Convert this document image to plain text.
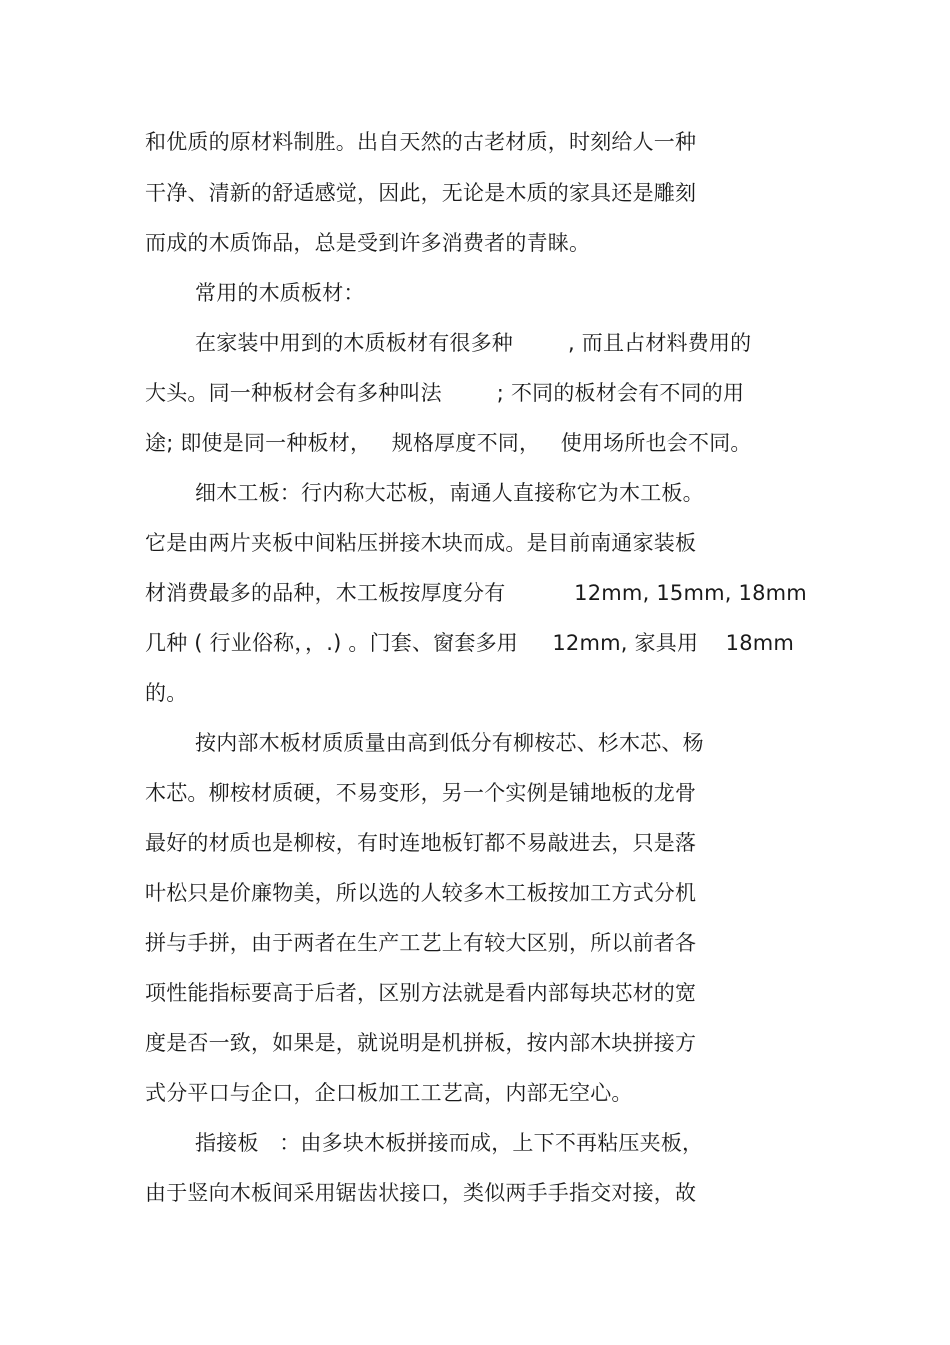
和优质的原材料制胜。出自天然的古老材质，时刻给人一种
干净、清新的舒适感觉，因此，无论是木质的家具还是雕刻
而成的木质饰品，总是受到许多消费者的青睐。
常用的木质板材：
在家装中用到的木质板材有很多种        , 而且占材料费用的
大头。同一种板材会有多种叫法        ; 不同的板材会有不同的用
途; 即使是同一种板材，   规格厚度不同，   使用场所也会不同。
细木工板：行内称大芯板，南通人直接称它为木工板。
它是由两片夹板中间粘压拼接木块而成。是目前南通家装板
材消费最多的品种，木工板按厚度分有          12mm, 15mm, 18mm
几种 ( 行业俗称，，.) 。门套、窗套多用     12mm, 家具用    18mm
的。
按内部木板材质质量由高到低分有柳桉芯、杉木芯、杨
木芯。柳桉材质硬，不易变形，另一个实例是铺地板的龙骨
最好的材质也是柳桉，有时连地板钉都不易敲进去，只是落
叶松只是价廉物美，所以选的人较多木工板按加工方式分机
拼与手拼，由于两者在生产工艺上有较大区别，所以前者各
项性能指标要高于后者，区别方法就是看内部每块芯材的宽
度是否一致，如果是，就说明是机拼板，按内部木块拼接方
式分平口与企口，企口板加工工艺高，内部无空心。
指接板   ：由多块木板拼接而成，上下不再粘压夹板，
由于竖向木板间采用锯齿状接口，类似两手手指交对接，故
